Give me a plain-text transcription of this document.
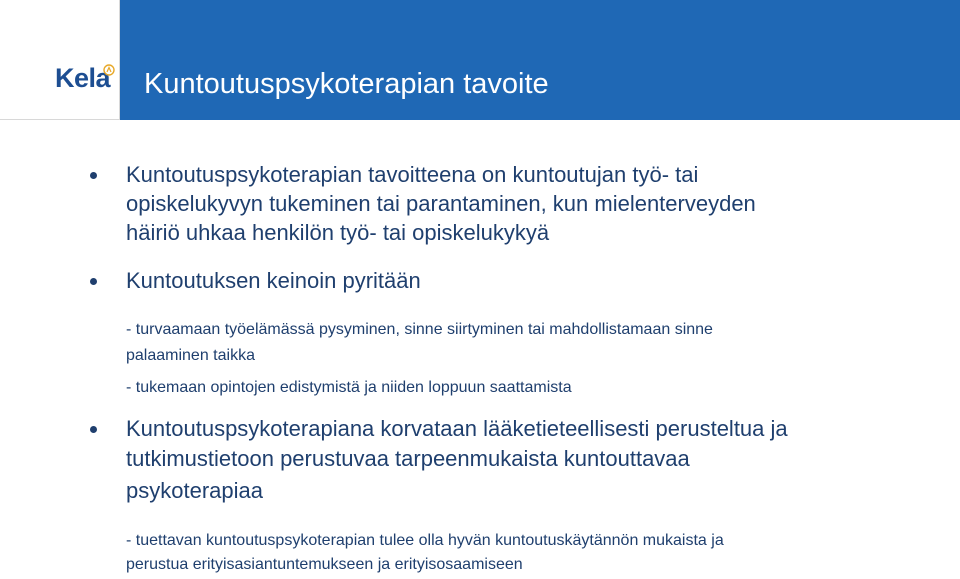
Kela Kuntoutuspsykoterapian tavoite
Kuntoutuspsykoterapian tavoitteena on kuntoutujan työ- tai
opiskelukyvyn tukeminen tai parantaminen, kun mielenterveyden
häiriö uhkaa henkilön työ- tai opiskelukykyä
Kuntoutuksen keinoin pyritään
- turvaamaan työelämässä pysyminen, sinne siirtyminen tai mahdollistamaan sinne
palaaminen taikka
- tukemaan opintojen edistymistä ja niiden loppuun saattamista
Kuntoutuspsykoterapiana korvataan lääketieteellisesti perusteltua ja
tutkimustietoon perustuvaa tarpeenmukaista kuntouttavaa
psykoterapiaa
- tuettavan kuntoutuspsykoterapian tulee olla hyvän kuntoutuskäytännön mukaista ja
perustua erityisasiantuntemukseen ja erityisosaamiseen
